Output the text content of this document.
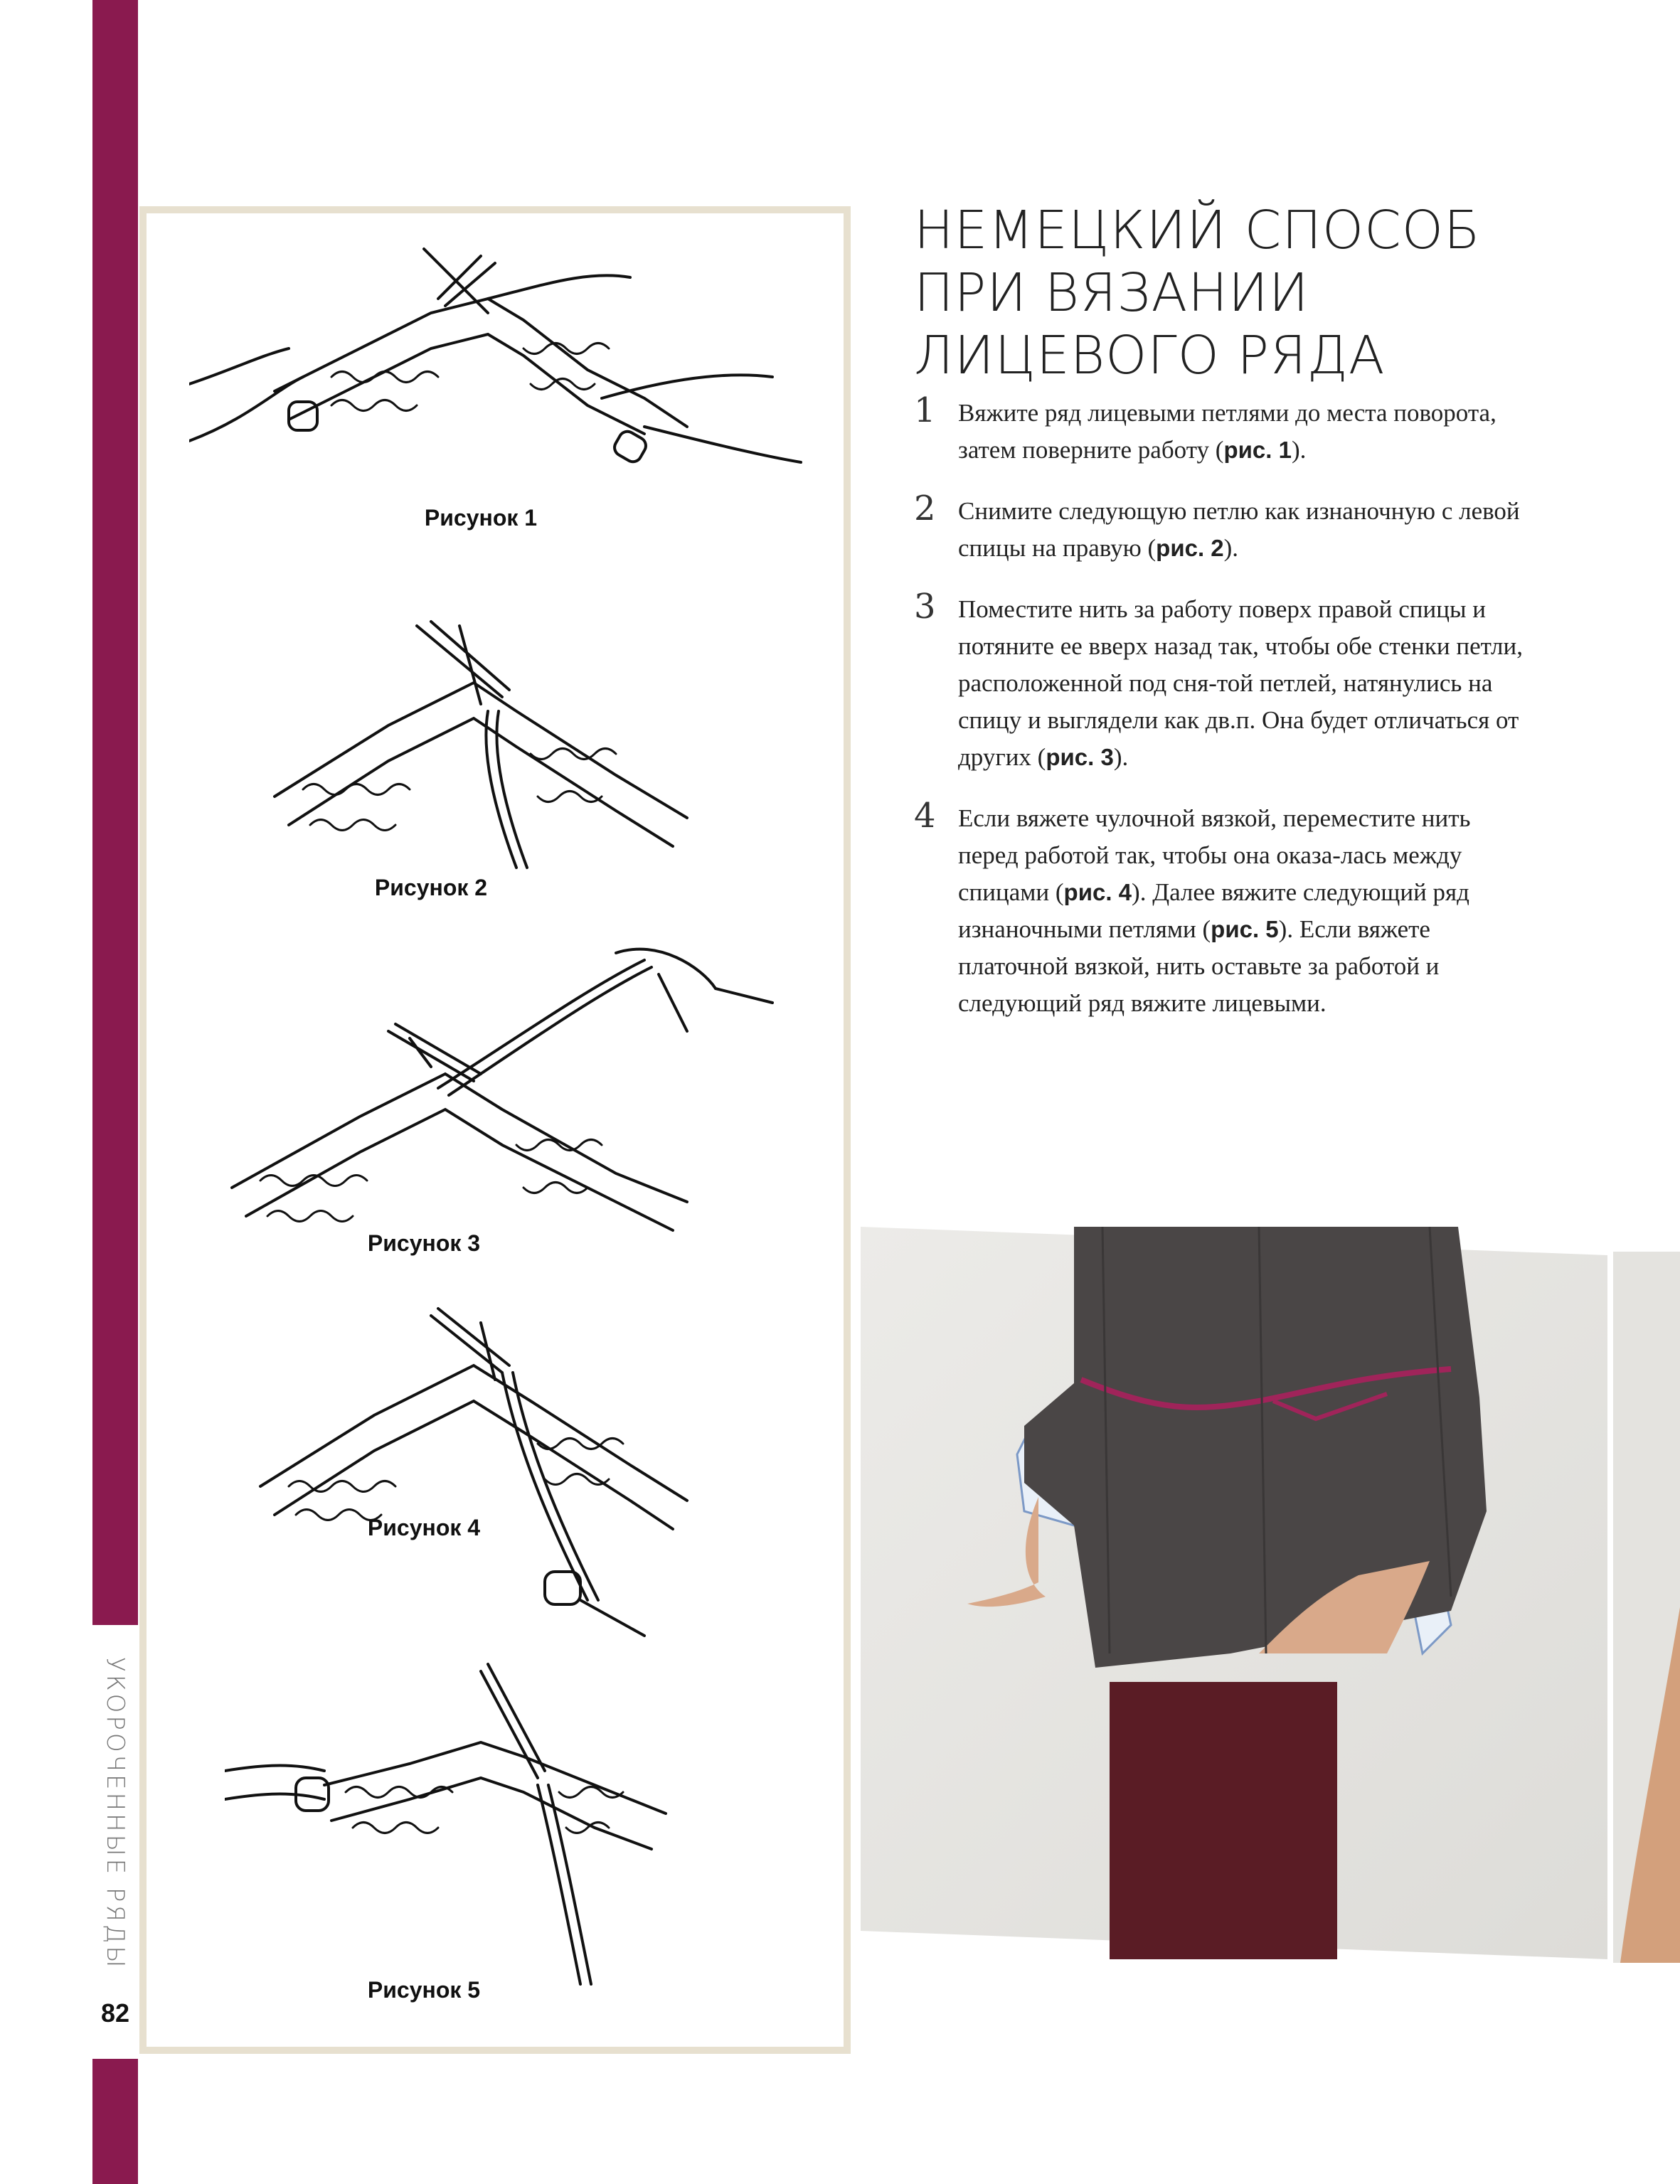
УКОРОЧЕННЫЕ РЯДЫ
82
Рисунок 1
Рисунок 2
Рисунок 3
Рисунок 4
Рисунок 5
НЕМЕЦКИЙ СПОСОБ ПРИ ВЯЗАНИИ ЛИЦЕВОГО РЯДА
1 Вяжите ряд лицевыми петлями до места поворота, затем поверните работу (рис. 1).
2 Снимите следующую петлю как изнаночную с левой спицы на правую (рис. 2).
3 Поместите нить за работу поверх правой спицы и потяните ее вверх назад так, чтобы обе стенки петли, расположенной под сня-той петлей, натянулись на спицу и выглядели как дв.п. Она будет отличаться от других (рис. 3).
4 Если вяжете чулочной вязкой, переместите нить перед работой так, чтобы она оказа-лась между спицами (рис. 4). Далее вяжите следующий ряд изнаночными петлями (рис. 5). Если вяжете платочной вязкой, нить оставьте за работой и следующий ряд вяжите лицевыми.
